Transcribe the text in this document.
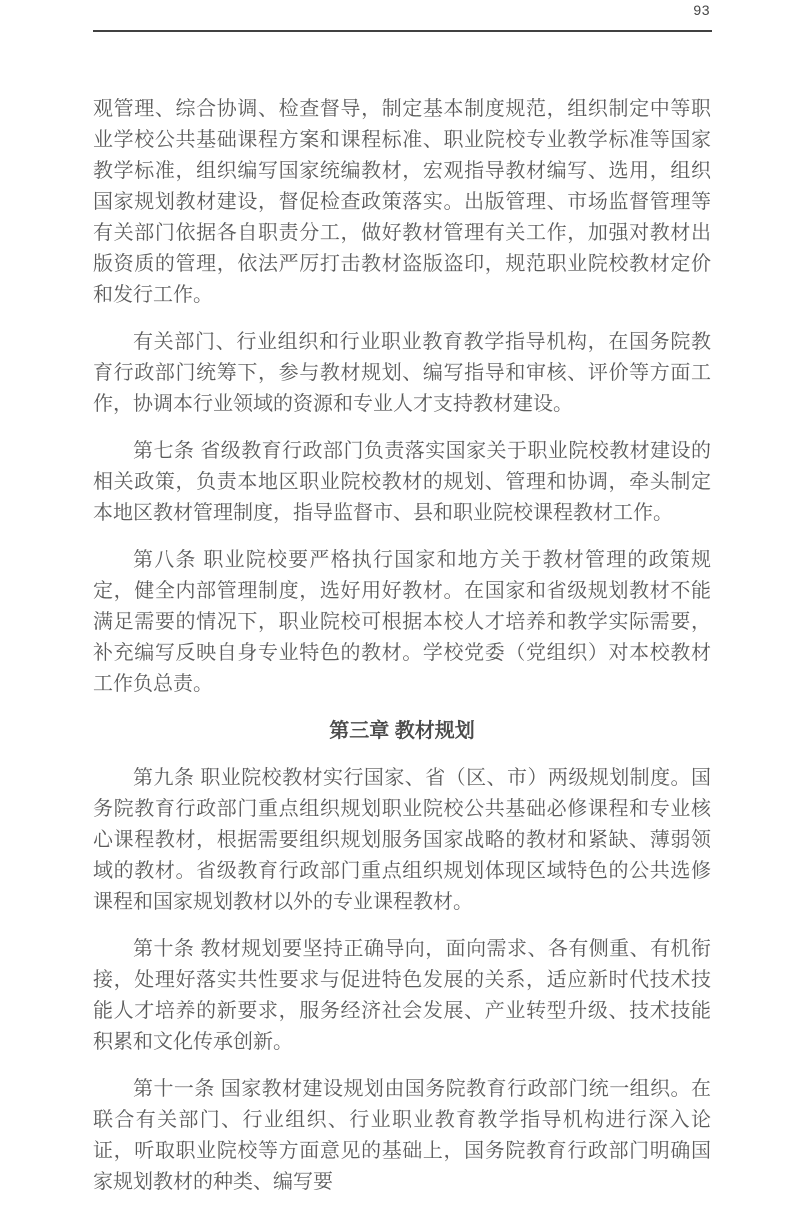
93

观管理、综合协调、检查督导，制定基本制度规范，组织制定中等职业学校公共基础课程方案和课程标准、职业院校专业教学标准等国家教学标准，组织编写国家统编教材，宏观指导教材编写、选用，组织国家规划教材建设，督促检查政策落实。出版管理、市场监督管理等有关部门依据各自职责分工，做好教材管理有关工作，加强对教材出版资质的管理，依法严厉打击教材盗版盗印，规范职业院校教材定价和发行工作。

有关部门、行业组织和行业职业教育教学指导机构，在国务院教育行政部门统筹下，参与教材规划、编写指导和审核、评价等方面工作，协调本行业领域的资源和专业人才支持教材建设。

第七条 省级教育行政部门负责落实国家关于职业院校教材建设的相关政策，负责本地区职业院校教材的规划、管理和协调，牵头制定本地区教材管理制度，指导监督市、县和职业院校课程教材工作。

第八条 职业院校要严格执行国家和地方关于教材管理的政策规定，健全内部管理制度，选好用好教材。在国家和省级规划教材不能满足需要的情况下，职业院校可根据本校人才培养和教学实际需要，补充编写反映自身专业特色的教材。学校党委（党组织）对本校教材工作负总责。

第三章 教材规划

第九条 职业院校教材实行国家、省（区、市）两级规划制度。国务院教育行政部门重点组织规划职业院校公共基础必修课程和专业核心课程教材，根据需要组织规划服务国家战略的教材和紧缺、薄弱领域的教材。省级教育行政部门重点组织规划体现区域特色的公共选修课程和国家规划教材以外的专业课程教材。

第十条 教材规划要坚持正确导向，面向需求、各有侧重、有机衔接，处理好落实共性要求与促进特色发展的关系，适应新时代技术技能人才培养的新要求，服务经济社会发展、产业转型升级、技术技能积累和文化传承创新。

第十一条 国家教材建设规划由国务院教育行政部门统一组织。在联合有关部门、行业组织、行业职业教育教学指导机构进行深入论证，听取职业院校等方面意见的基础上，国务院教育行政部门明确国家规划教材的种类、编写要
